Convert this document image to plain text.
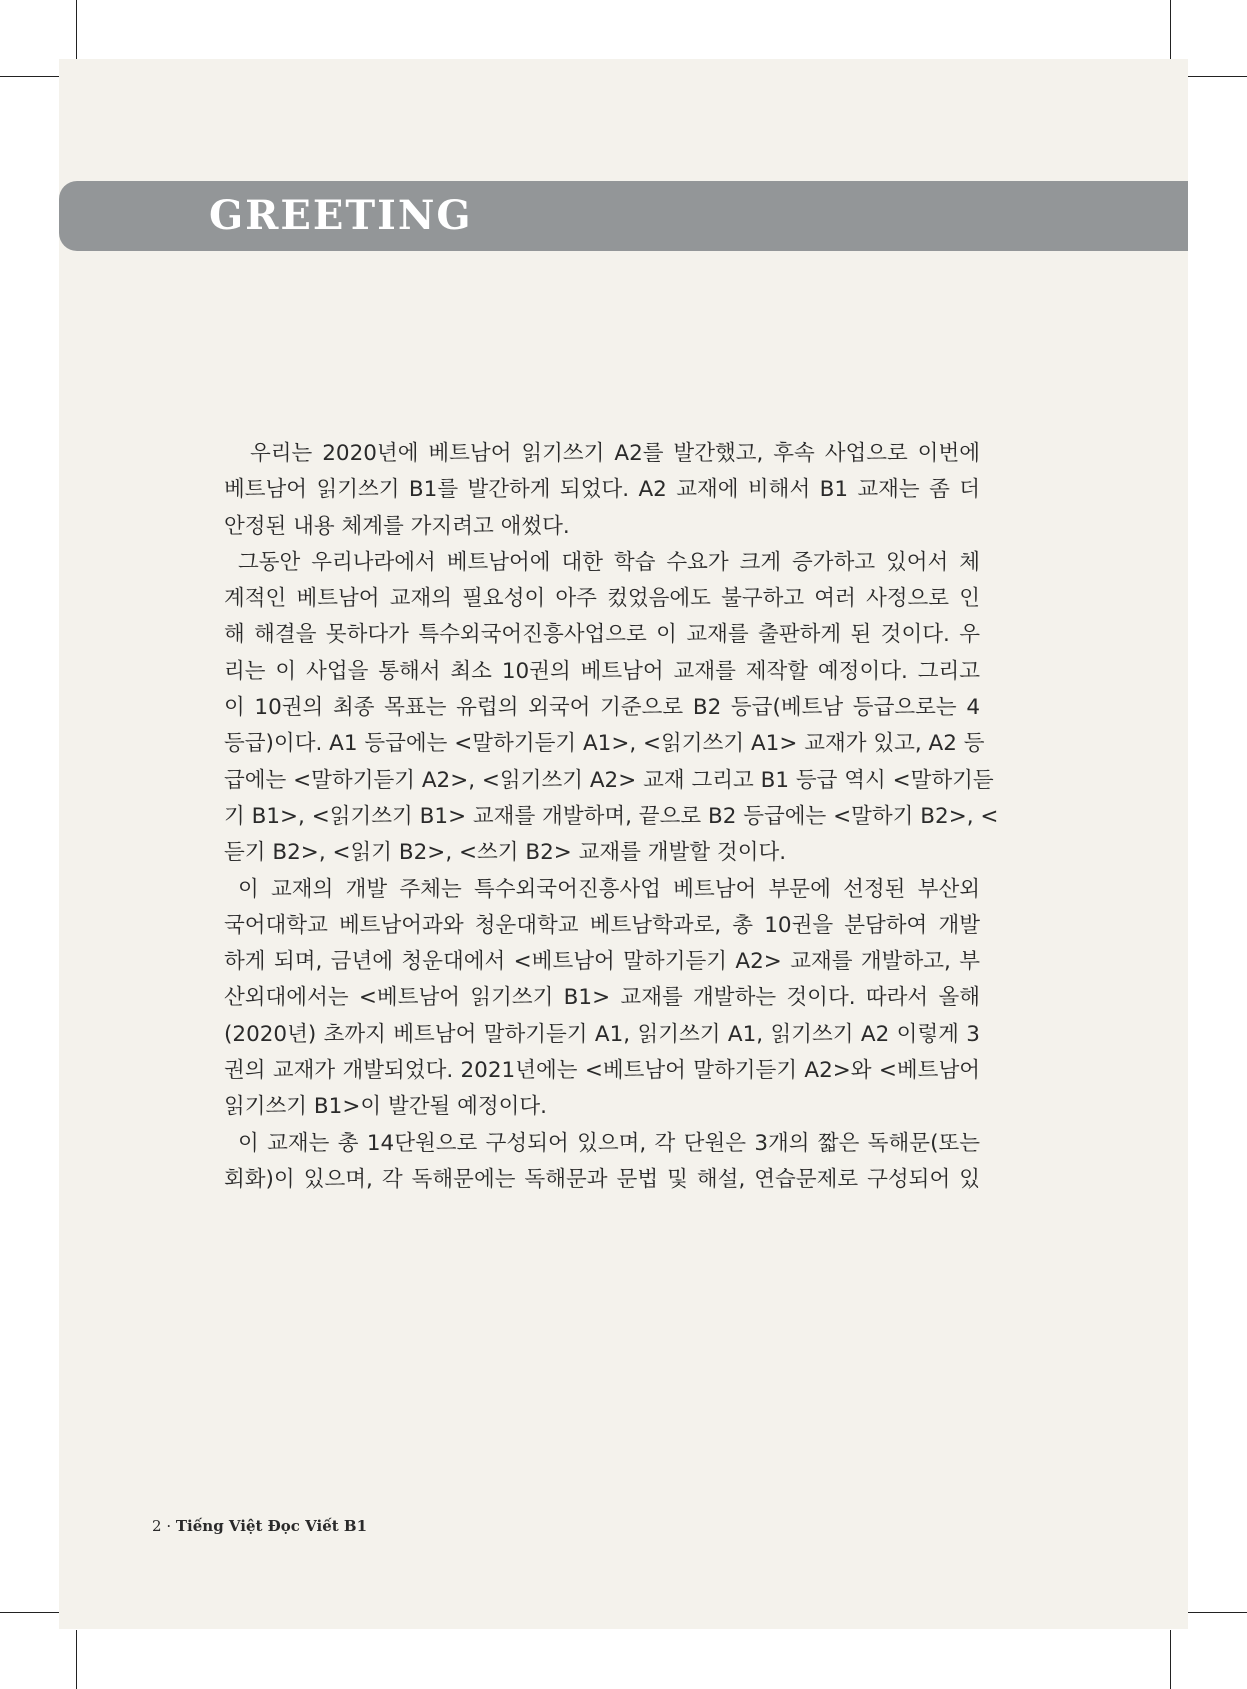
GREETING
우리는 2020년에 베트남어 읽기쓰기 A2를 발간했고, 후속 사업으로 이번에
베트남어 읽기쓰기 B1를 발간하게 되었다. A2 교재에 비해서 B1 교재는 좀 더
안정된 내용 체계를 가지려고 애썼다.
그동안 우리나라에서 베트남어에 대한 학습 수요가 크게 증가하고 있어서 체
계적인 베트남어 교재의 필요성이 아주 컸었음에도 불구하고 여러 사정으로 인
해 해결을 못하다가 특수외국어진흥사업으로 이 교재를 출판하게 된 것이다. 우
리는 이 사업을 통해서 최소 10권의 베트남어 교재를 제작할 예정이다. 그리고
이 10권의 최종 목표는 유럽의 외국어 기준으로 B2 등급(베트남 등급으로는 4
등급)이다. A1 등급에는 <말하기듣기 A1>, <읽기쓰기 A1> 교재가 있고, A2 등
급에는 <말하기듣기 A2>, <읽기쓰기 A2> 교재 그리고 B1 등급 역시 <말하기듣
기 B1>, <읽기쓰기 B1> 교재를 개발하며, 끝으로 B2 등급에는 <말하기 B2>, <
듣기 B2>, <읽기 B2>, <쓰기 B2> 교재를 개발할 것이다.
이 교재의 개발 주체는 특수외국어진흥사업 베트남어 부문에 선정된 부산외
국어대학교 베트남어과와 청운대학교 베트남학과로, 총 10권을 분담하여 개발
하게 되며, 금년에 청운대에서 <베트남어 말하기듣기 A2> 교재를 개발하고, 부
산외대에서는 <베트남어 읽기쓰기 B1> 교재를 개발하는 것이다. 따라서 올해
(2020년) 초까지 베트남어 말하기듣기 A1, 읽기쓰기 A1, 읽기쓰기 A2 이렇게 3
권의 교재가 개발되었다. 2021년에는 <베트남어 말하기듣기 A2>와 <베트남어
읽기쓰기 B1>이 발간될 예정이다.
이 교재는 총 14단원으로 구성되어 있으며, 각 단원은 3개의 짧은 독해문(또는
회화)이 있으며, 각 독해문에는 독해문과 문법 및 해설, 연습문제로 구성되어 있
2 · Tiếng Việt Đọc Viết B1
